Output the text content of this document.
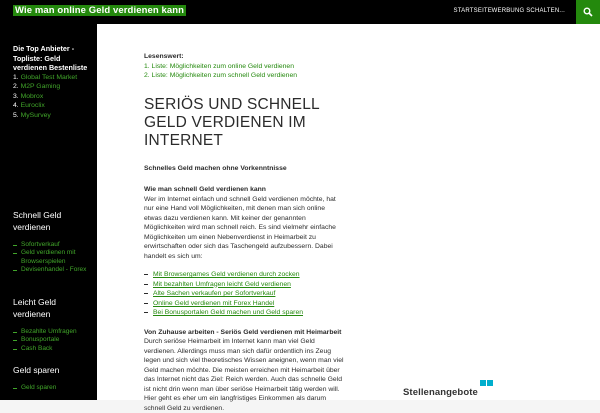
Wie man online Geld verdienen kann	STARTSEITE WERBUNG SCHALTEN...
Die Top Anbieter - Topliste: Geld verdienen Bestenliste
1. Global Test Market
2. M2P Gaming
3. Mobrox
4. Euroclix
5. MySurvey
Schnell Geld verdienen
Sofortverkauf
Geld verdienen mit Browserspielen
Devisenhandel - Forex
Leicht Geld verdienen
Bezahlte Umfragen
Bonusportale
Cash Back
Geld sparen
Geld sparen
Lesenswert:
1. Liste: Möglichkeiten zum online Geld verdienen
2. Liste: Möglichkeiten zum schnell Geld verdienen
SERIÖS UND SCHNELL GELD VERDIENEN IM INTERNET
Schnelles Geld machen ohne Vorkenntnisse
Wie man schnell Geld verdienen kann
Wer im Internet einfach und schnell Geld verdienen möchte, hat nur eine Hand voll Möglichkeiten, mit denen man sich online etwas dazu verdienen kann. Mit keiner der genannten Möglichkeiten wird man schnell reich. Es sind vielmehr einfache Möglichkeiten um einen Nebenverdienst in Heimarbeit zu erwirtschaften oder sich das Taschengeld aufzubessern. Dabei handelt es sich um:
Mit Browsergames Geld verdienen durch zocken
Mit bezahlten Umfragen leicht Geld verdienen
Alte Sachen verkaufen per Sofortverkauf
Online Geld verdienen mit Forex Handel
Bei Bonusportalen Geld machen und Geld sparen
Von Zuhause arbeiten - Seriös Geld verdienen mit Heimarbeit
Durch seriöse Heimarbeit im Internet kann man viel Geld verdienen. Allerdings muss man sich dafür ordentlich ins Zeug legen und sich viel theoretisches Wissen aneignen, wenn man viel Geld machen möchte. Die meisten erreichen mit Heimarbeit über das Internet nicht das Ziel: Reich werden. Auch das schnelle Geld ist nicht drin wenn man über seriöse Heimarbeit tätig werden will. Hier geht es eher um ein langfristiges Einkommen als darum schnell Geld zu verdienen.
Stellenangebote
